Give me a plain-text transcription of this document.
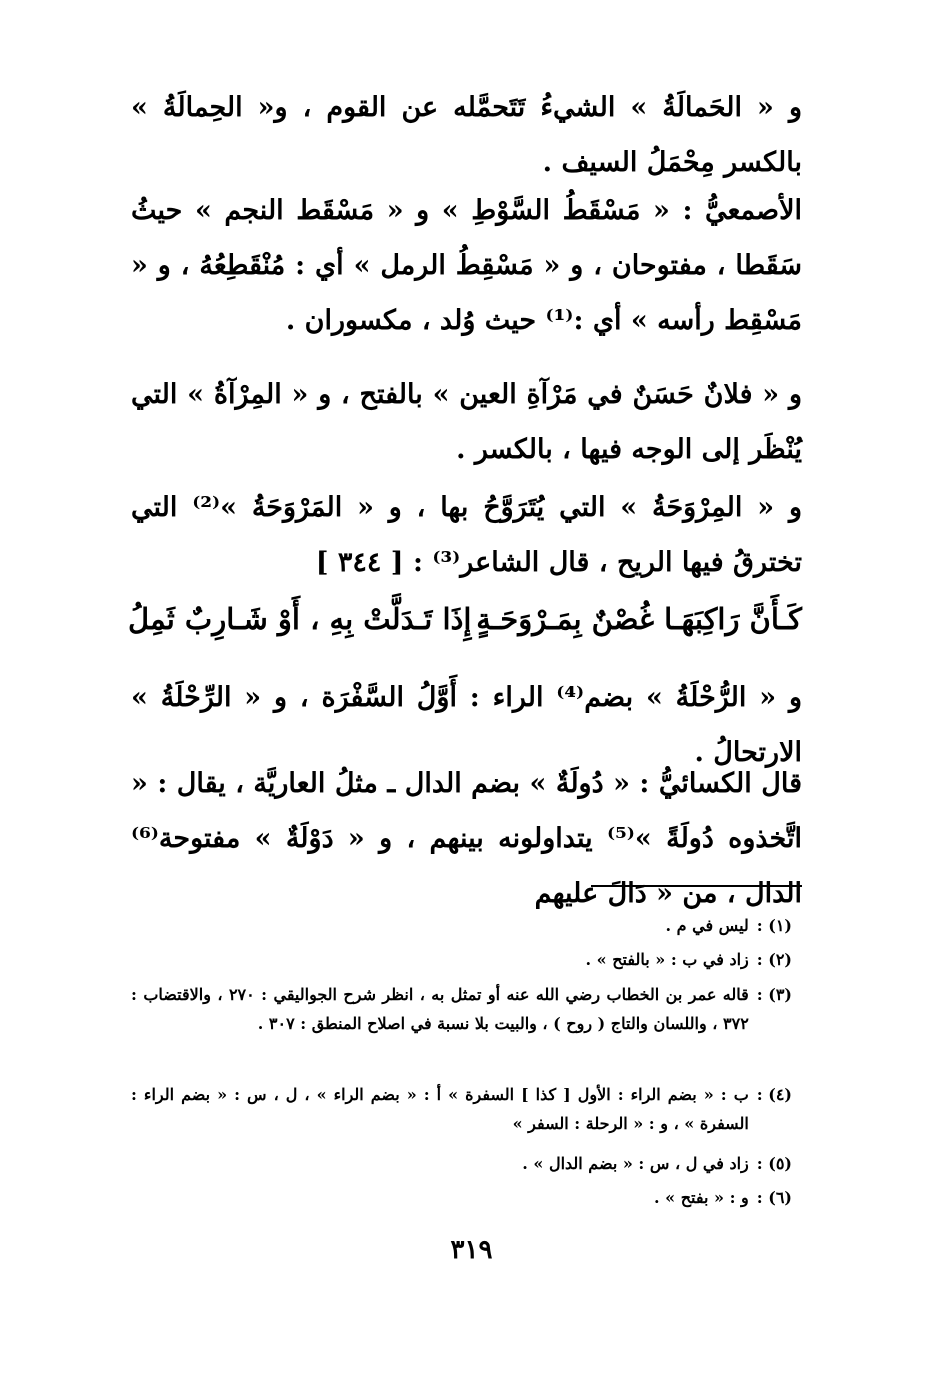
و « الحَمالَةُ » الشيءُ تَتَحمَّله عن القوم ، و« الحِمالَةُ » بالكسر مِحْمَلُ السيف .

الأصمعيُّ : « مَسْقَطُ السَّوْطِ » و « مَسْقَط النجم » حيثُ سَقَطا ، مفتوحان ، و « مَسْقِطُ الرمل » أي : مُنْقَطِعُهُ ، و « مَسْقِط رأسه » أي :⁽¹⁾ حيث وُلد ، مكسوران .

و « فلانٌ حَسَنٌ في مَرْآةِ العين » بالفتح ، و « المِرْآةُ » التي يُنْظَر إلى الوجه فيها ، بالكسر .

و « المِرْوَحَةُ » التي يُتَرَوَّحُ بها ، و « المَرْوَحَةُ »⁽²⁾ التي تخترقُ فيها الريح ، قال الشاعر⁽³⁾ : [ ٣٤٤ ]

كَـأَنَّ رَاكِبَهَـا غُصْنٌ بِمَـرْوَحَـةٍ
إِذَا تَـدَلَّتْ بِهِ ، أَوْ شَـارِبٌ ثَمِلُ

و « الرُّحْلَةُ » بضم⁽⁴⁾ الراء : أَوَّلُ السَّفْرَة ، و « الرِّحْلَةُ » الارتحالُ .

قال الكسائيُّ : « دُولَةٌ » بضم الدال ـ مثلُ العاريَّة ، يقال : « اتَّخذوه دُولَةً »⁽⁵⁾ يتداولونه بينهم ، و « دَوْلَةٌ » مفتوحة⁽⁶⁾ الدال ، من « دَالَ عليهم

(١) :
ليس في م .
(٢) :
زاد في ب : « بالفتح » .
(٣) :
قاله عمر بن الخطاب رضي الله عنه أو تمثل به ، انظر شرح الجواليقي : ٢٧٠ ، والاقتضاب : ٣٧٢ ، واللسان والتاج ( روح ) ، والبيت بلا نسبة في اصلاح المنطق : ٣٠٧ .
(٤) :
ب : « بضم الراء : الأول [ كذا ] السفرة » أ : « بضم الراء » ، ل ، س : « بضم الراء : السفرة » ، و : « الرحلة : السفر »
(٥) :
زاد في ل ، س : « بضم الدال » .
(٦) :
و : « بفتح » .
٣١٩
